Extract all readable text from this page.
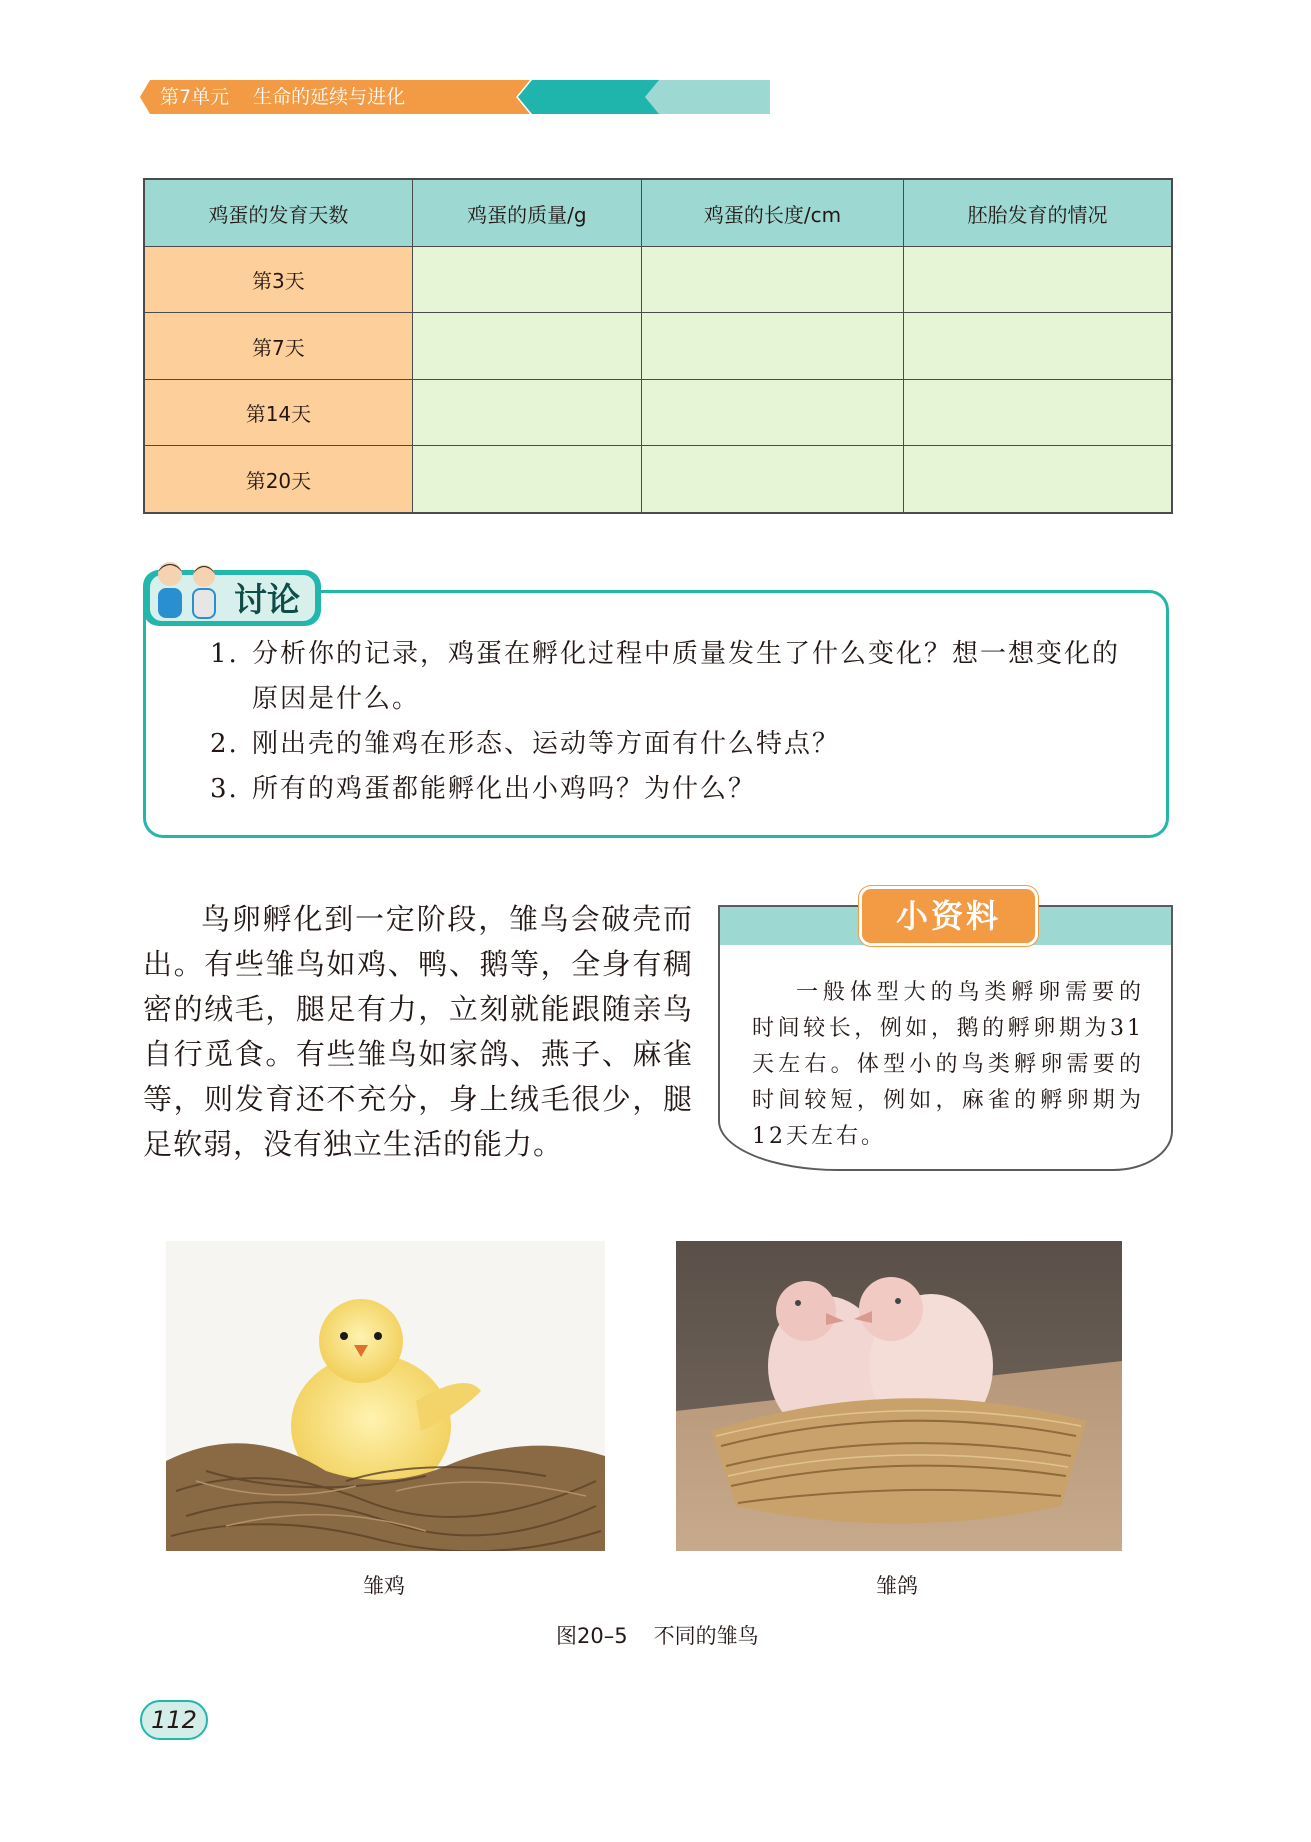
第7单元 生命的延续与进化
鸡蛋的发育天数	鸡蛋的质量/g	鸡蛋的长度/cm	胚胎发育的情况
第3天			
第7天			
第14天			
第20天			
讨论
1. 分析你的记录，鸡蛋在孵化过程中质量发生了什么变化？想一想变化的原因是什么。
2. 刚出壳的雏鸡在形态、运动等方面有什么特点？
3. 所有的鸡蛋都能孵化出小鸡吗？为什么？
鸟卵孵化到一定阶段，雏鸟会破壳而出。有些雏鸟如鸡、鸭、鹅等，全身有稠密的绒毛，腿足有力，立刻就能跟随亲鸟自行觅食。有些雏鸟如家鸽、燕子、麻雀等，则发育还不充分，身上绒毛很少，腿足软弱，没有独立生活的能力。
小资料
一般体型大的鸟类孵卵需要的时间较长，例如，鹅的孵卵期为31天左右。体型小的鸟类孵卵需要的时间较短，例如，麻雀的孵卵期为12天左右。
雏鸡	雏鸽
图20–5 不同的雏鸟
112
